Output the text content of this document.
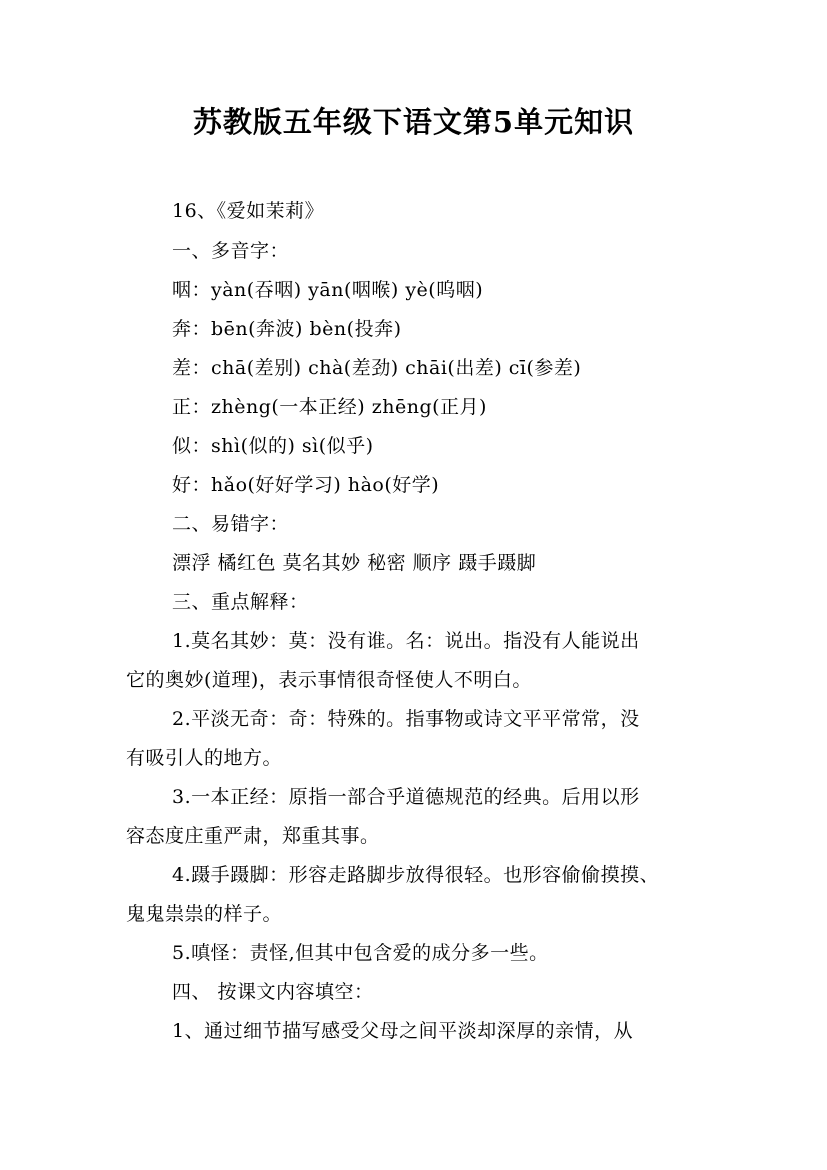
苏教版五年级下语文第5单元知识
16、《爱如茉莉》
一、多音字：
咽：yàn(吞咽) yān(咽喉) yè(呜咽)
奔：bēn(奔波) bèn(投奔)
差：chā(差别) chà(差劲) chāi(出差) cī(参差)
正：zhèng(一本正经) zhēng(正月)
似：shì(似的) sì(似乎)
好：hǎo(好好学习) hào(好学)
二、易错字：
漂浮 橘红色 莫名其妙 秘密 顺序 蹑手蹑脚
三、重点解释：
1.莫名其妙：莫：没有谁。名：说出。指没有人能说出
它的奥妙(道理)，表示事情很奇怪使人不明白。
2.平淡无奇：奇：特殊的。指事物或诗文平平常常，没
有吸引人的地方。
3.一本正经：原指一部合乎道德规范的经典。后用以形
容态度庄重严肃，郑重其事。
4.蹑手蹑脚：形容走路脚步放得很轻。也形容偷偷摸摸、
鬼鬼祟祟的样子。
5.嗔怪：责怪,但其中包含爱的成分多一些。
四、 按课文内容填空：
1、通过细节描写感受父母之间平淡却深厚的亲情，从
